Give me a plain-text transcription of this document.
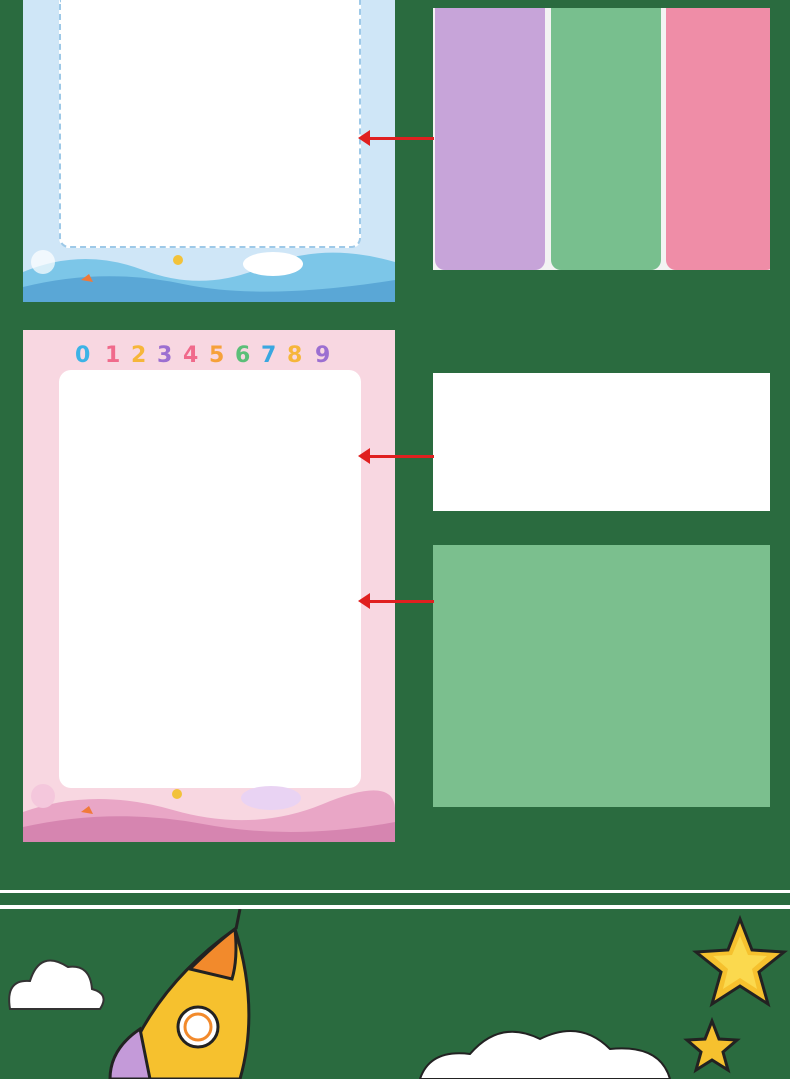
0 1 2 3 4 5 6 7 8 9
